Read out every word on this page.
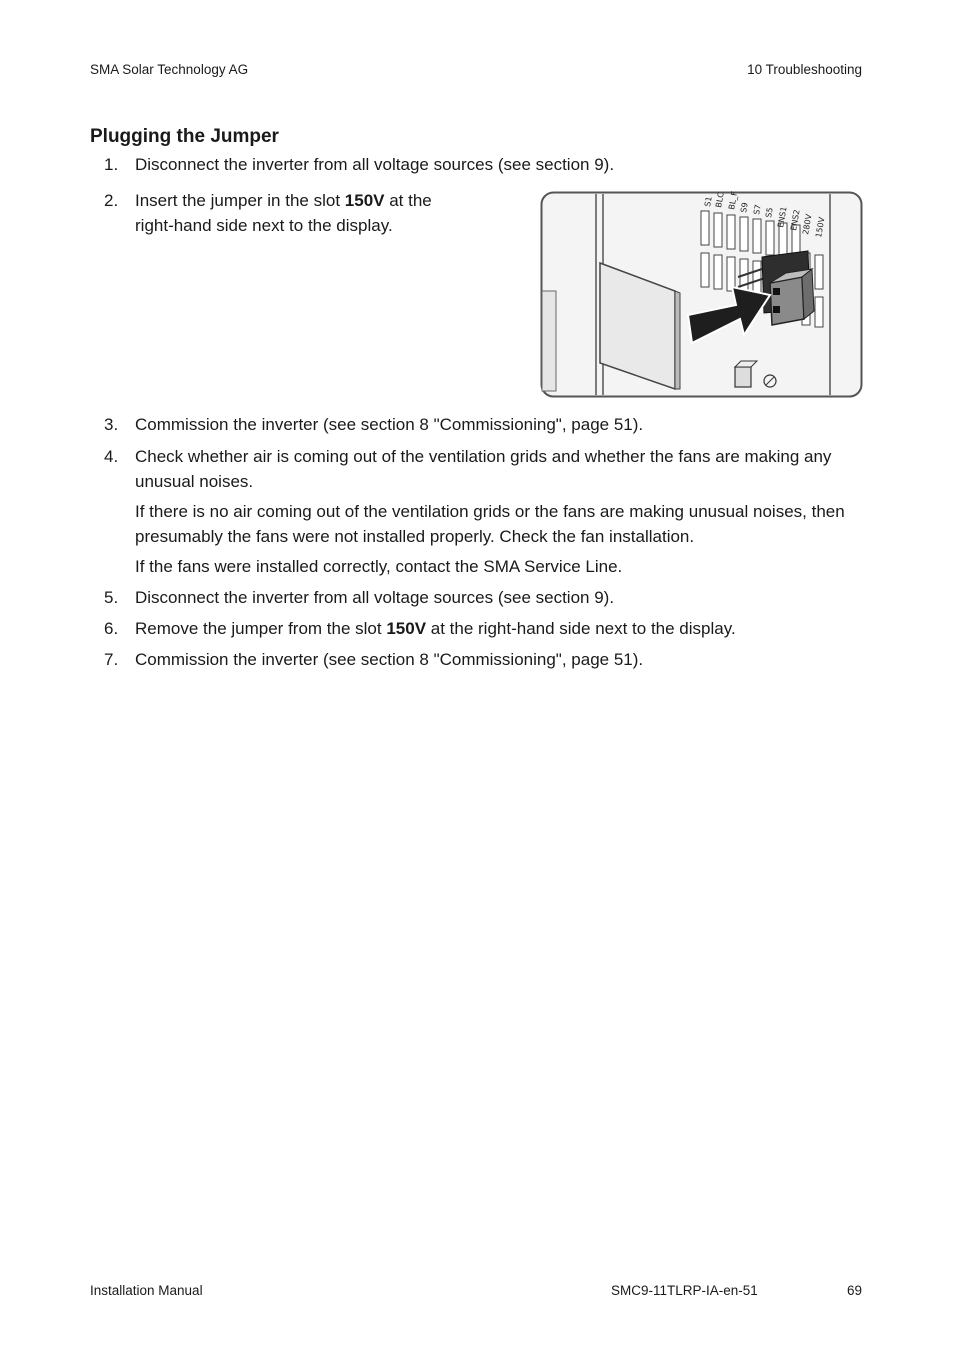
SMA Solar Technology AG	10 Troubleshooting
Plugging the Jumper
1. Disconnect the inverter from all voltage sources (see section 9).
2. Insert the jumper in the slot 150V at the
right-hand side next to the display.
S1 BLC BL_F S9 S7 S5 ENS1 ENS2 280V 150V
3. Commission the inverter (see section 8 "Commissioning", page 51).
4. Check whether air is coming out of the ventilation grids and whether the fans are making any
unusual noises.
If there is no air coming out of the ventilation grids or the fans are making unusual noises, then
presumably the fans were not installed properly. Check the fan installation.
If the fans were installed correctly, contact the SMA Service Line.
5. Disconnect the inverter from all voltage sources (see section 9).
6. Remove the jumper from the slot 150V at the right-hand side next to the display.
7. Commission the inverter (see section 8 "Commissioning", page 51).
Installation Manual	SMC9-11TLRP-IA-en-51	69
